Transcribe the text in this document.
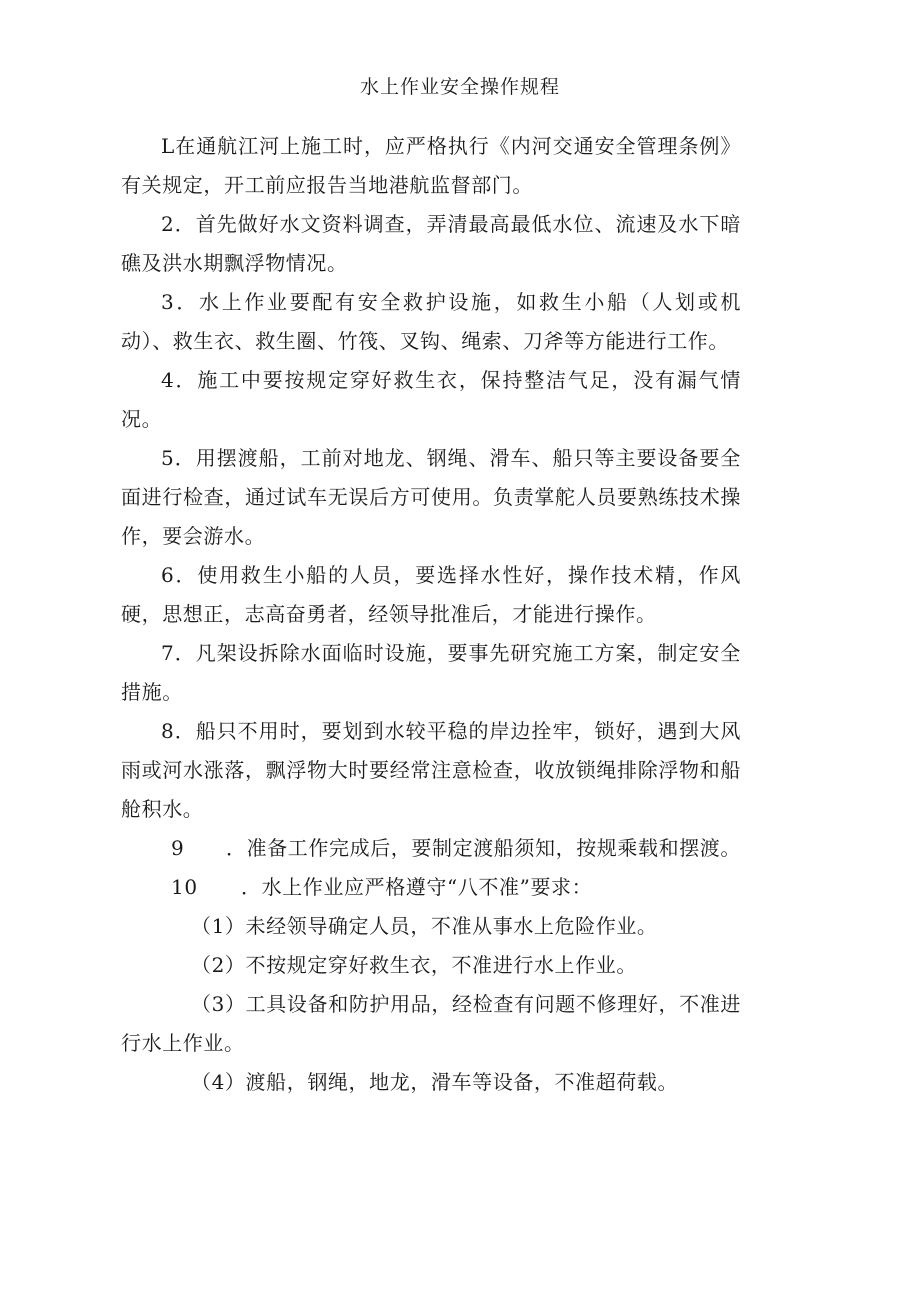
水上作业安全操作规程

L在通航江河上施工时，应严格执行《内河交通安全管理条例》有关规定，开工前应报告当地港航监督部门。

2．首先做好水文资料调查，弄清最高最低水位、流速及水下暗礁及洪水期飘浮物情况。

3．水上作业要配有安全救护设施，如救生小船（人划或机动）、救生衣、救生圈、竹筏、叉钩、绳索、刀斧等方能进行工作。

4．施工中要按规定穿好救生衣，保持整洁气足，没有漏气情况。

5．用摆渡船，工前对地龙、钢绳、滑车、船只等主要设备要全面进行检查，通过试车无误后方可使用。负责掌舵人员要熟练技术操作，要会游水。

6．使用救生小船的人员，要选择水性好，操作技术精，作风硬，思想正，志高奋勇者，经领导批准后，才能进行操作。

7．凡架设拆除水面临时设施，要事先研究施工方案，制定安全措施。

8．船只不用时，要划到水较平稳的岸边拴牢，锁好，遇到大风雨或河水涨落，飘浮物大时要经常注意检查，收放锁绳排除浮物和船舱积水。

9	．准备工作完成后，要制定渡船须知，按规乘载和摆渡。

10	．水上作业应严格遵守“八不准”要求：

（1）未经领导确定人员，不准从事水上危险作业。

（2）不按规定穿好救生衣，不准进行水上作业。

（3）工具设备和防护用品，经检查有问题不修理好，不准进行水上作业。

（4）渡船，钢绳，地龙，滑车等设备，不准超荷载。
